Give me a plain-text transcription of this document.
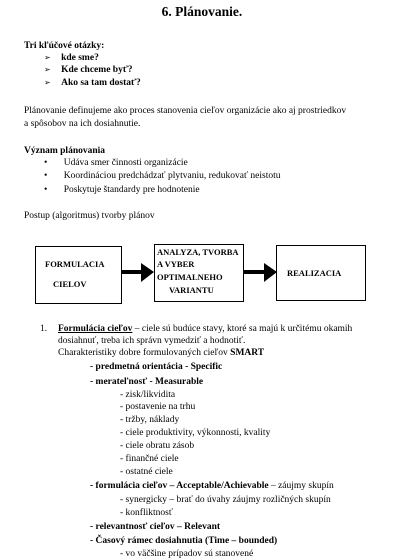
6. Plánovanie.
Tri kľúčové otázky:
➢ kde sme?
➢ Kde chceme byť?
➢ Ako sa tam dostať?
Plánovanie definujeme ako proces stanovenia cieľov organizácie ako aj prostriedkov
a spôsobov na ich dosiahnutie.
Význam plánovania
• Udáva smer činnosti organizácie
• Koordináciou predchádzať plytvaniu, redukovať neistotu
• Poskytuje štandardy pre hodnotenie
Postup (algoritmus) tvorby plánov
FORMULACIA
CIELOV
ANALYZA, TVORBA
A VYBER
OPTIMALNEHO
VARIANTU
REALIZACIA
1. Formulácia cieľov – ciele sú budúce stavy, ktoré sa majú k určitému okamih
dosiahnuť, treba ich správn vymedziť a hodnotiť.
Charakteristiky dobre formulovaných cieľov SMART
- predmetná orientácia - Specific
- merateľnosť - Measurable
- zisk/likvidita
- postavenie na trhu
- tržby, náklady
- ciele produktivity, výkonnosti, kvality
- ciele obratu zásob
- finančné ciele
- ostatné ciele
- formulácia cieľov – Acceptable/Achievable – záujmy skupín
- synergicky – brať do úvahy záujmy rozličných skupín
- konfliktnosť
- relevantnosť cieľov – Relevant
- Časový rámec dosiahnutia (Time – bounded)
- vo väčšine prípadov sú stanovené
